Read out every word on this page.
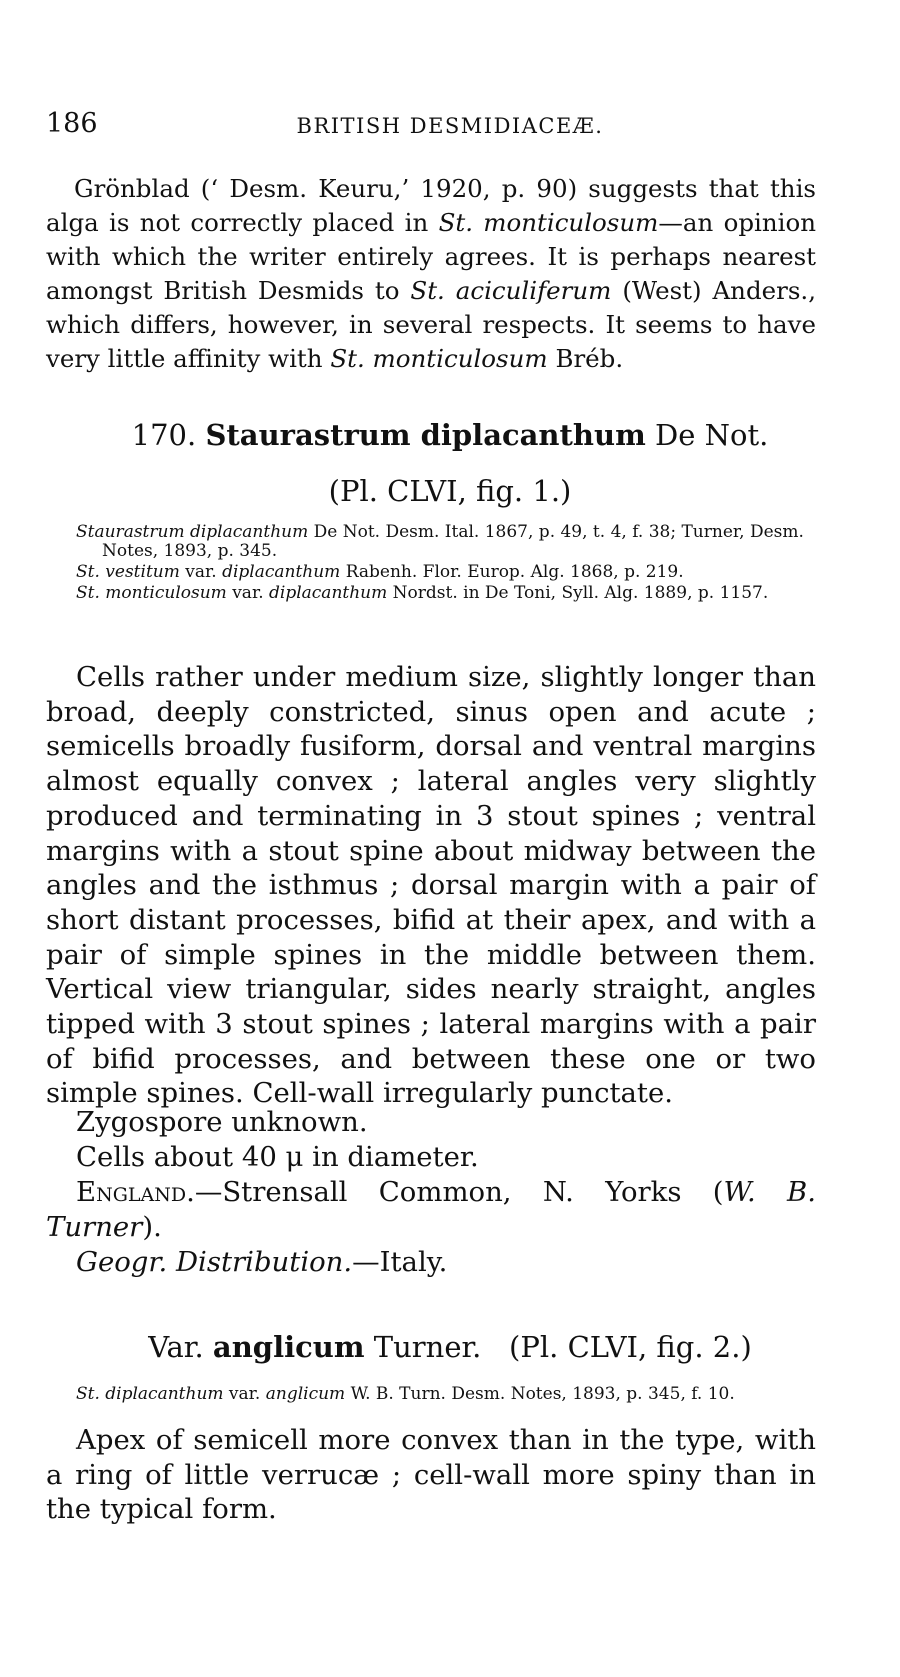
186	BRITISH DESMIDIACEÆ.

Grönblad (‘ Desm. Keuru,’ 1920, p. 90) suggests that this alga is not correctly placed in St. monticulosum—an opinion with which the writer entirely agrees. It is perhaps nearest amongst British Desmids to St. aciculiferum (West) Anders., which differs, however, in several respects. It seems to have very little affinity with St. monticulosum Bréb.

170. Staurastrum diplacanthum De Not.
(Pl. CLVI, fig. 1.)
Staurastrum diplacanthum De Not. Desm. Ital. 1867, p. 49, t. 4, f. 38; Turner, Desm. Notes, 1893, p. 345.
St. vestitum var. diplacanthum Rabenh. Flor. Europ. Alg. 1868, p. 219.
St. monticulosum var. diplacanthum Nordst. in De Toni, Syll. Alg. 1889, p. 1157.

Cells rather under medium size, slightly longer than broad, deeply constricted, sinus open and acute ; semicells broadly fusiform, dorsal and ventral margins almost equally convex ; lateral angles very slightly produced and terminating in 3 stout spines ; ventral margins with a stout spine about midway between the angles and the isthmus ; dorsal margin with a pair of short distant processes, bifid at their apex, and with a pair of simple spines in the middle between them. Vertical view triangular, sides nearly straight, angles tipped with 3 stout spines ; lateral margins with a pair of bifid processes, and between these one or two simple spines. Cell-wall irregularly punctate.

Zygospore unknown.
Cells about 40 μ in diameter.
England.—Strensall Common, N. Yorks (W. B. Turner).
Geogr. Distribution.—Italy.
Var. anglicum Turner. (Pl. CLVI, fig. 2.)
St. diplacanthum var. anglicum W. B. Turn. Desm. Notes, 1893, p. 345, f. 10.

Apex of semicell more convex than in the type, with a ring of little verrucæ ; cell-wall more spiny than in the typical form.
